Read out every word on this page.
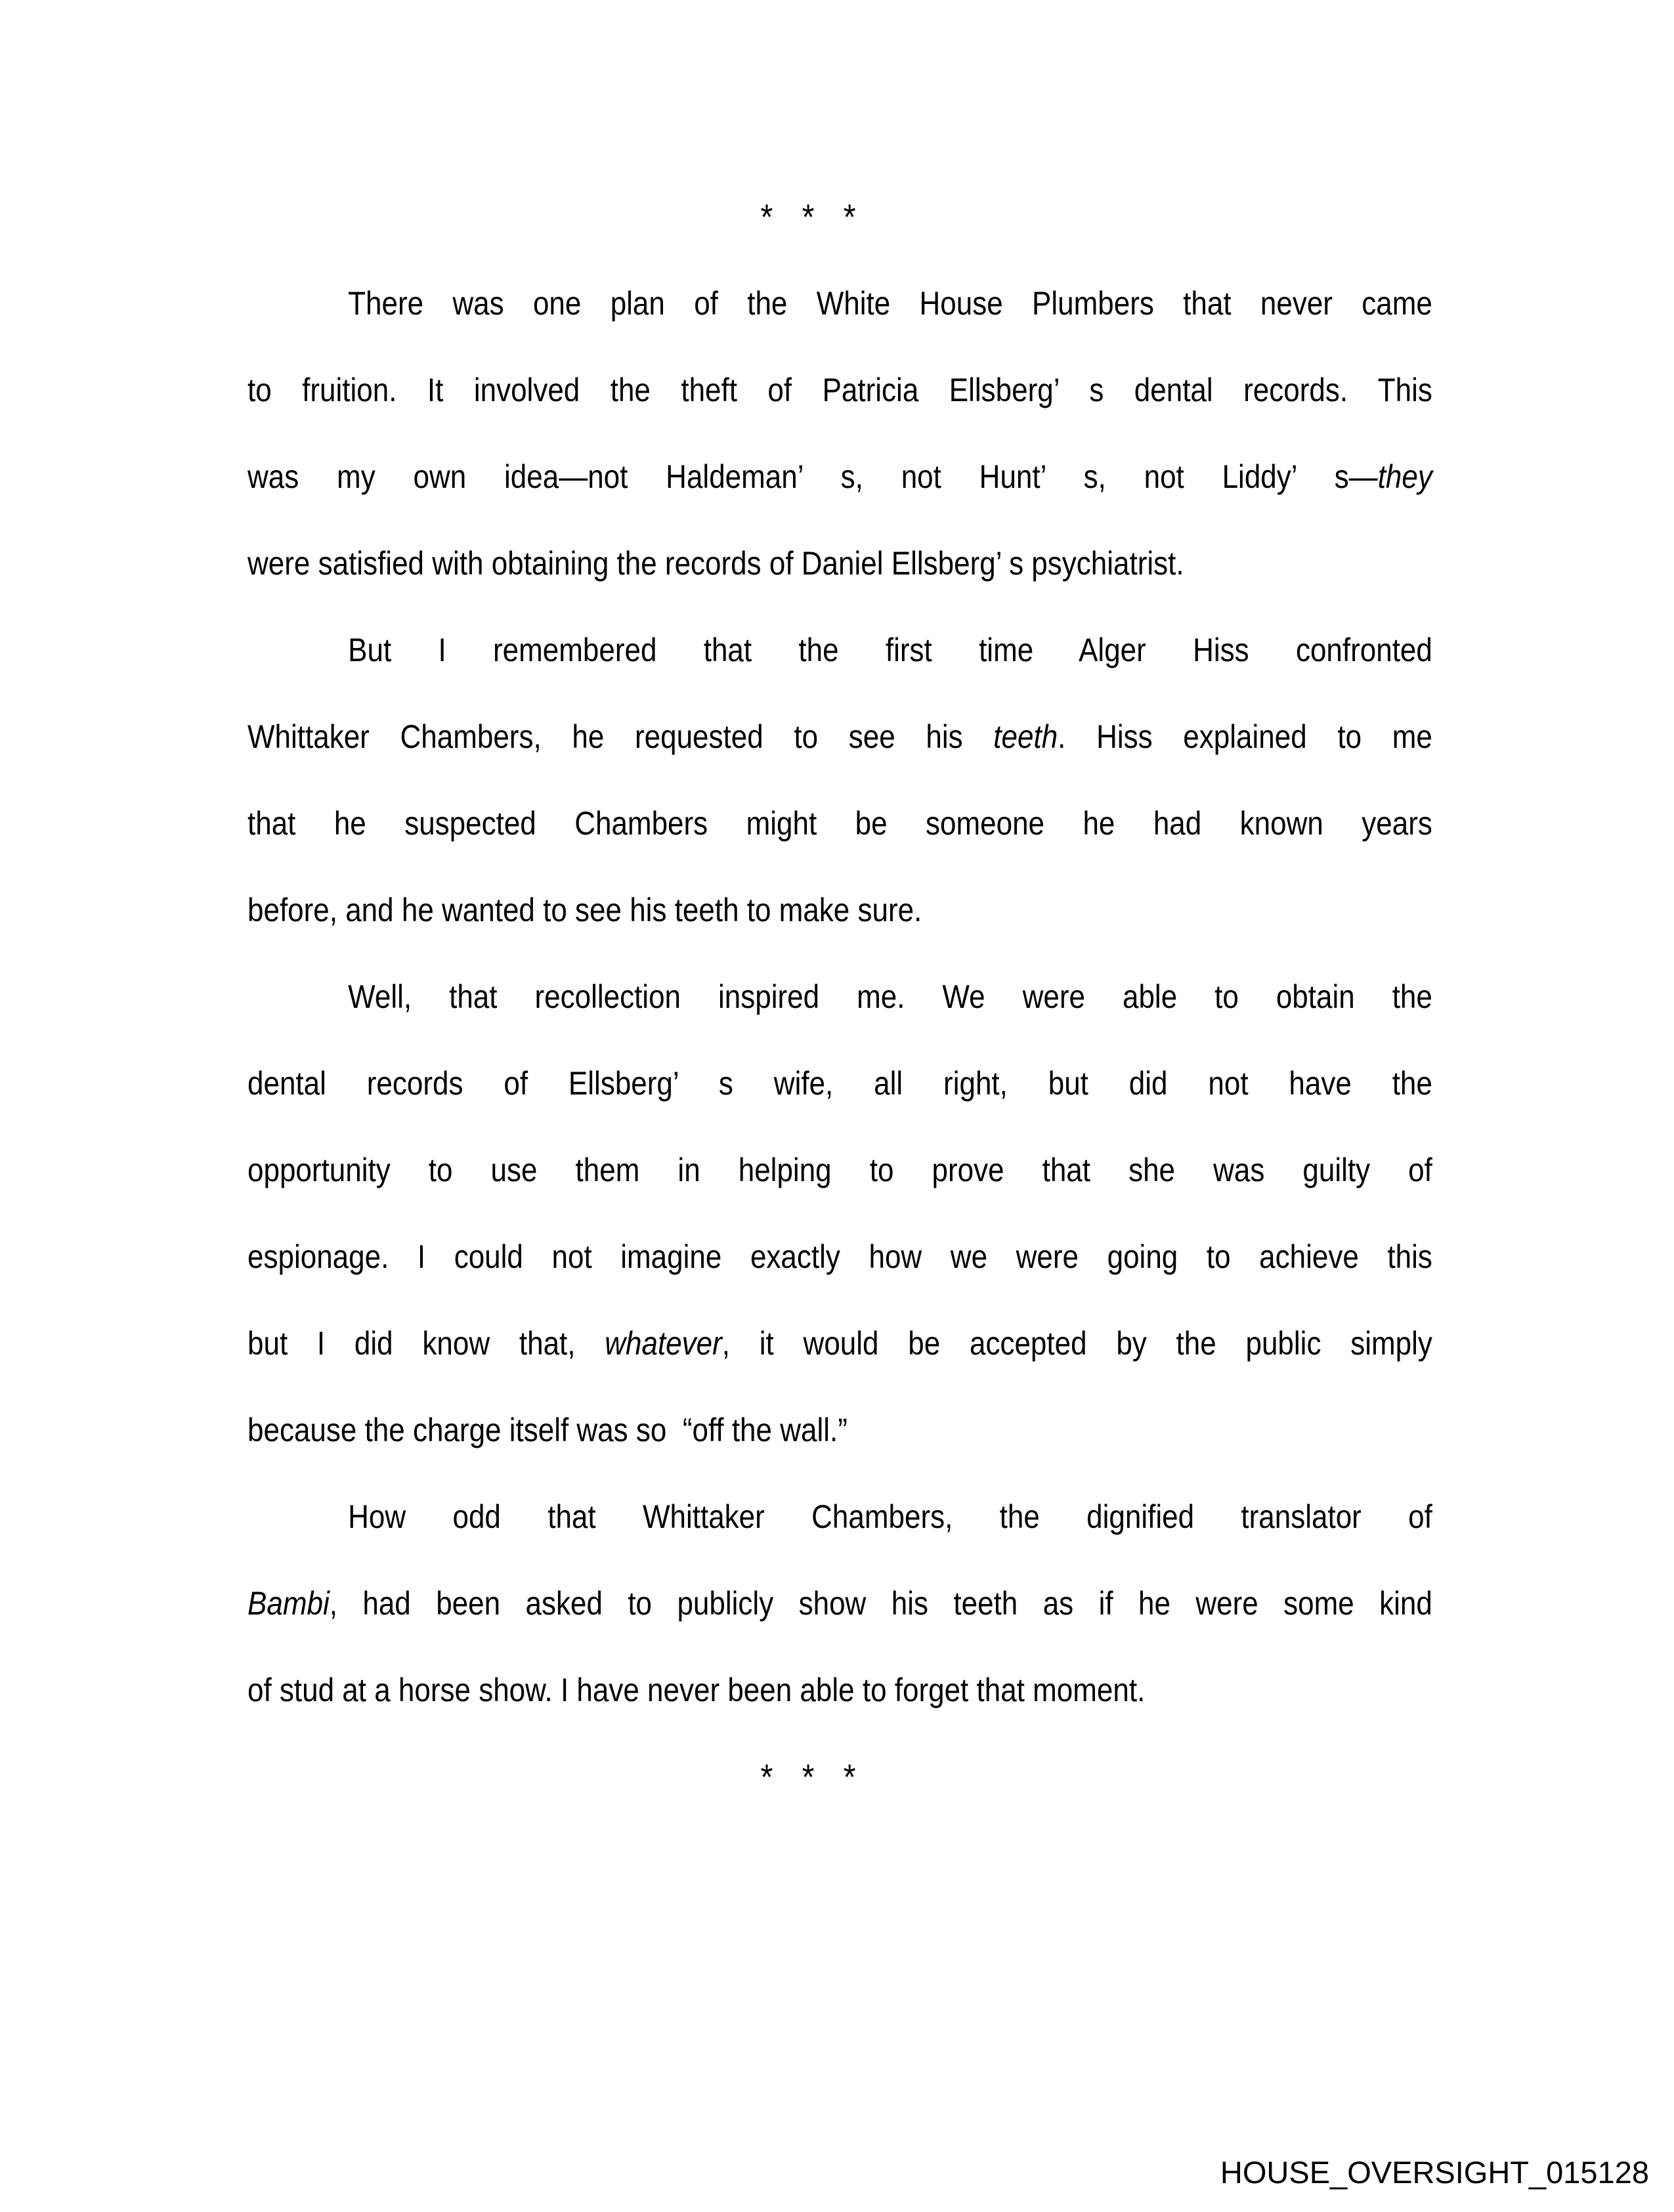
* * *
There was one plan of the White House Plumbers that never came
to fruition. It involved the theft of Patricia Ellsberg’ s dental records. This
was my own idea—not Haldeman’ s, not Hunt’ s, not Liddy’ s—they
were satisfied with obtaining the records of Daniel Ellsberg’ s psychiatrist.
But I remembered that the first time Alger Hiss confronted
Whittaker Chambers, he requested to see his teeth. Hiss explained to me
that he suspected Chambers might be someone he had known years
before, and he wanted to see his teeth to make sure.
Well, that recollection inspired me. We were able to obtain the
dental records of Ellsberg’ s wife, all right, but did not have the
opportunity to use them in helping to prove that she was guilty of
espionage. I could not imagine exactly how we were going to achieve this
but I did know that, whatever, it would be accepted by the public simply
because the charge itself was so  “off the wall.”
How odd that Whittaker Chambers, the dignified translator of
Bambi, had been asked to publicly show his teeth as if he were some kind
of stud at a horse show. I have never been able to forget that moment.
* * *
HOUSE_OVERSIGHT_015128
